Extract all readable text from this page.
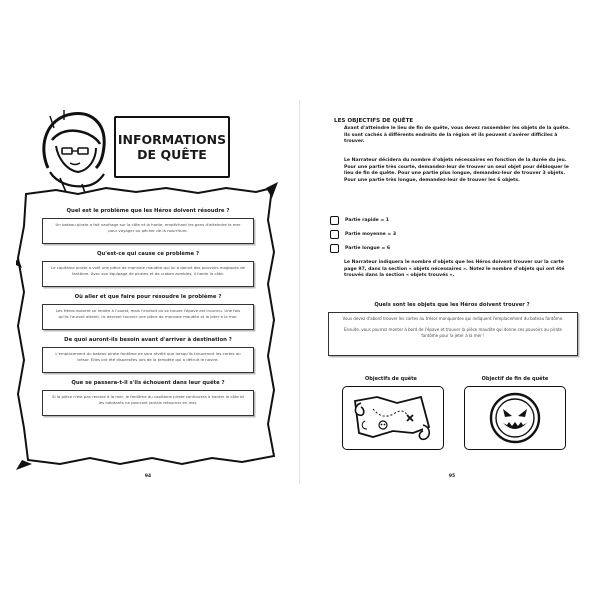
INFORMATIONS
DE QUÊTE
Quel est le problème que les Héros doivent résoudre ?
Un bateau pirate a fait naufrage sur la côte et la hante, empêchant les gens d'atteindre la mer pour voyager ou pêcher de la nourriture.
Qu'est-ce qui cause ce problème ?
Le capitaine pirate a volé une pièce de monnaie maudite qui lui a donné des pouvoirs magiques de fantôme. Avec son équipage de pirates et de crabes zombies, il hante la côte.
Où aller et que faire pour résoudre le problème ?
Les Héros doivent se rendre à l'ouest, mais l'endroit où se trouve l'épave est inconnu. Une fois qu'ils l'auront atteint, ils devront trouver une pièce de monnaie maudite et la jeter à la mer.
De quoi auront-ils besoin avant d'arriver à destination ?
L'emplacement du bateau pirate fantôme ne sera révélé que lorsqu'ils trouveront les cartes au trésor. Elles ont été dispersées lors de la tempête qui a détruit le navire.
Que se passera-t-il s'ils échouent dans leur quête ?
Si la pièce n'est pas rendue à la mer, le fantôme du capitaine pirate continuera à hanter la côte et les habitants ne pourront jamais retourner en mer.
94
LES OBJECTIFS DE QUÊTE
Avant d'atteindre le lieu de fin de quête, vous devez rassembler les objets de la quête. Ils sont cachés à différents endroits de la région et ils peuvent s'avérer difficiles à trouver.
Le Narrateur décidera du nombre d'objets nécessaires en fonction de la durée du jeu. Pour une partie très courte, demandez-leur de trouver un seul objet pour débloquer le lieu de fin de quête. Pour une partie plus longue, demandez-leur de trouver 3 objets. Pour une partie très longue, demandez-leur de trouver les 6 objets.
Partie rapide = 1
Partie moyenne = 3
Partie longue = 6
Le Narrateur indiquera le nombre d'objets que les Héros doivent trouver sur la carte page 97, dans la section « objets nécessaires ». Notez le nombre d'objets qui ont été trouvés dans la section « objets trouvés ».
Quels sont les objets que les Héros doivent trouver ?
Vous devez d'abord trouver les cartes au trésor manquantes qui indiquent l'emplacement du bateau fantôme.
Ensuite, vous pourrez monter à bord de l'épave et trouver la pièce maudite qui donne ses pouvoirs au pirate fantôme pour la jeter à la mer !
Objectifs de quête	Objectif de fin de quête
95
